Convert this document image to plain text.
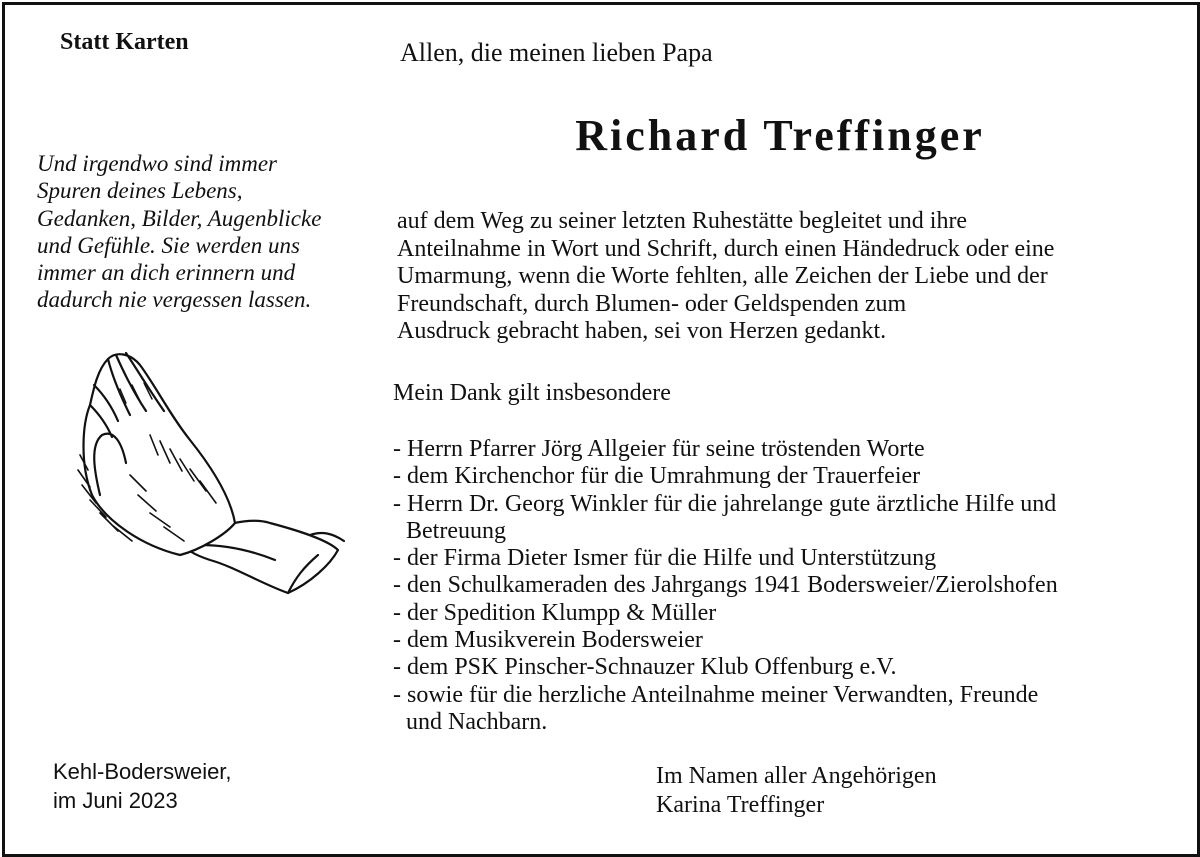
Statt Karten	Allen, die meinen lieben Papa
Richard Treffinger
Und irgendwo sind immer
Spuren deines Lebens,
Gedanken, Bilder, Augenblicke
und Gefühle. Sie werden uns
immer an dich erinnern und
dadurch nie vergessen lassen.
auf dem Weg zu seiner letzten Ruhestätte begleitet und ihre
Anteilnahme in Wort und Schrift, durch einen Händedruck oder eine
Umarmung, wenn die Worte fehlten, alle Zeichen der Liebe und der
Freundschaft, durch Blumen- oder Geldspenden zum
Ausdruck gebracht haben, sei von Herzen gedankt.
Mein Dank gilt insbesondere
- Herrn Pfarrer Jörg Allgeier für seine tröstenden Worte
- dem Kirchenchor für die Umrahmung der Trauerfeier
- Herrn Dr. Georg Winkler für die jahrelange gute ärztliche Hilfe und
Betreuung
- der Firma Dieter Ismer für die Hilfe und Unterstützung
- den Schulkameraden des Jahrgangs 1941 Bodersweier/Zierolshofen
- der Spedition Klumpp & Müller
- dem Musikverein Bodersweier
- dem PSK Pinscher-Schnauzer Klub Offenburg e.V.
- sowie für die herzliche Anteilnahme meiner Verwandten, Freunde
und Nachbarn.
Kehl-Bodersweier,
im Juni 2023
Im Namen aller Angehörigen
Karina Treffinger
